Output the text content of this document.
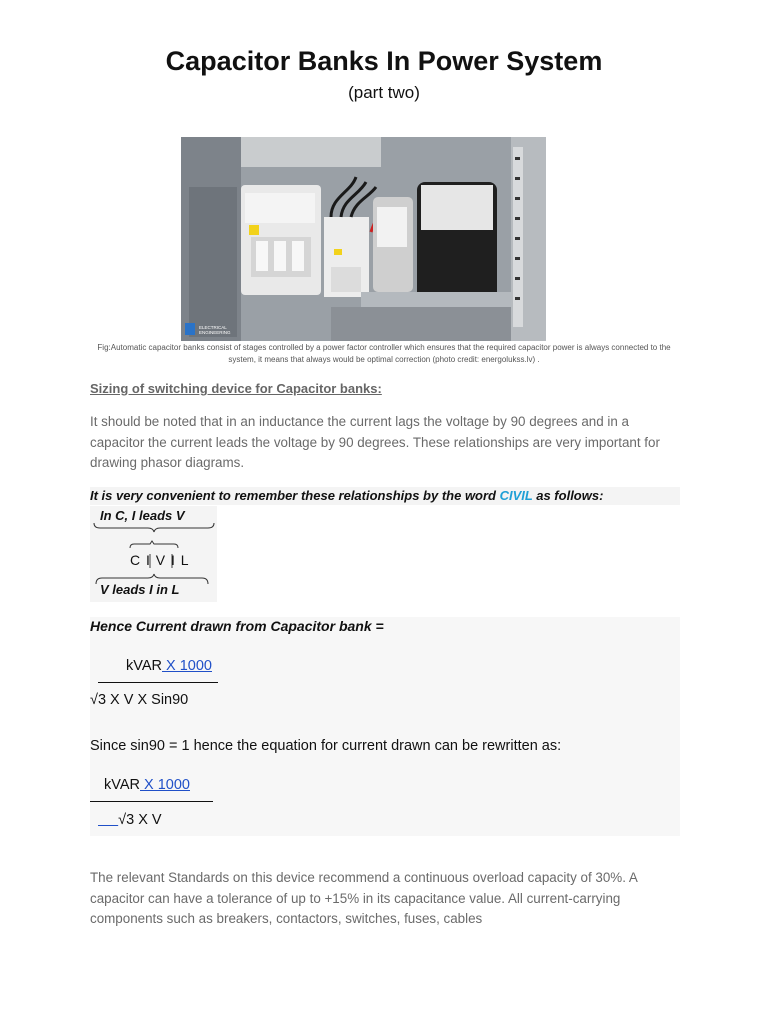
Capacitor Banks In Power System
(part two)
ELECTRICAL
ENGINEERING
Fig:Automatic capacitor banks consist of stages controlled by a power factor controller which ensures that the required capacitor power is always connected to the system, it means that always would be optimal correction (photo credit: energolukss.lv) .
Sizing of switching device for Capacitor banks:
It should be noted that in an inductance the current lags the voltage by 90 degrees and in a capacitor the current leads the voltage by 90 degrees. These relationships are very important for drawing phasor diagrams.
It is very convenient to remember these relationships by the word CIVIL as follows:
In C, I leads V
C I V I L
V leads I in L
Hence Current drawn from Capacitor bank =
kVAR X 1000
√3 X V X Sin90
Since sin90 = 1 hence the equation for current drawn can be rewritten as:
kVAR X 1000
√3 X V
The relevant Standards on this device recommend a continuous overload capacity of 30%. A capacitor can have a tolerance of up to +15% in its capacitance value. All current-carrying components such as breakers, contactors, switches, fuses, cables
